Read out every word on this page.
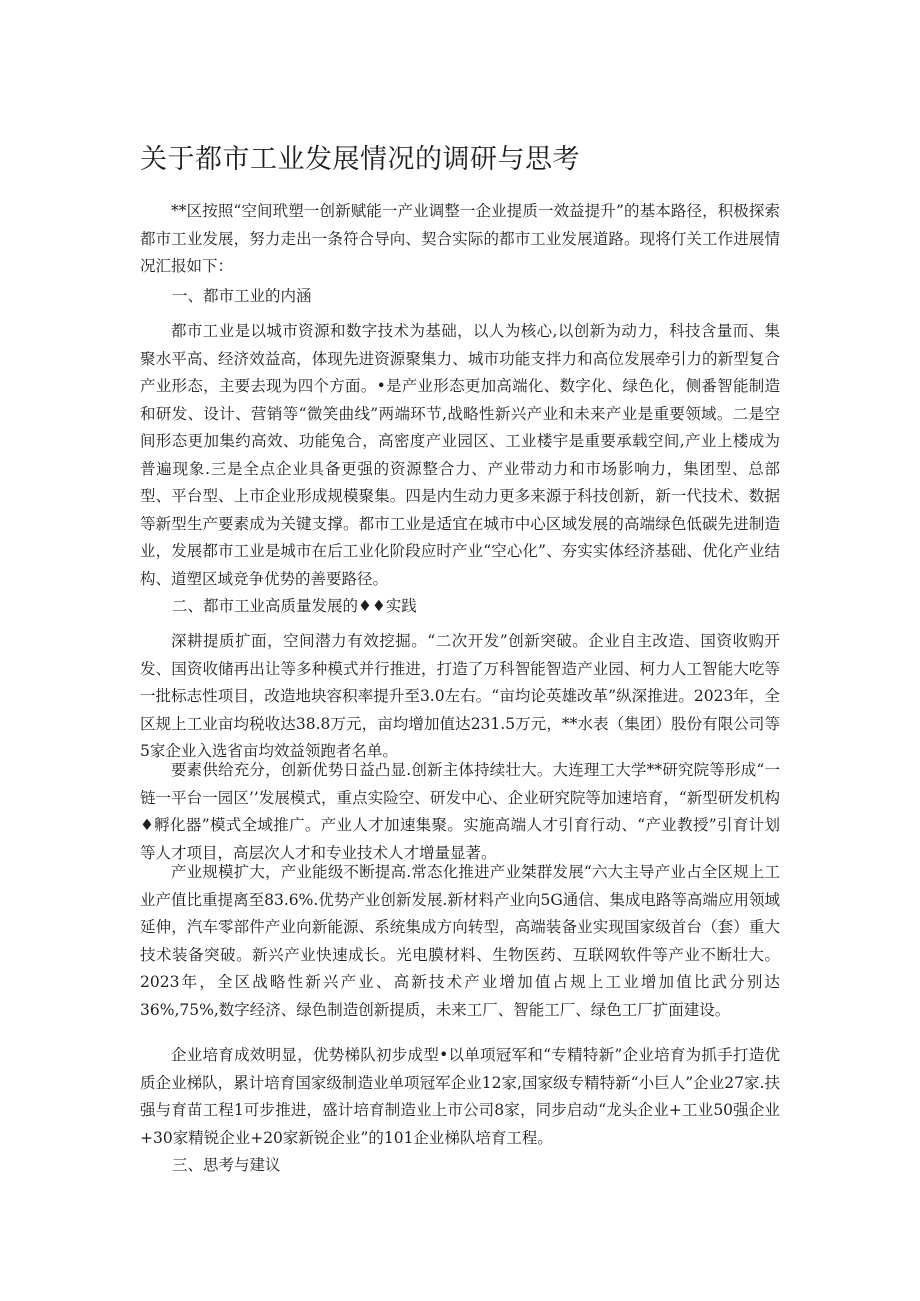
关于都市工业发展情况的调研与思考

**区按照“空间玳塑一创新赋能一产业调整一企业提质一效益提升”的基本路径，积极探索都市工业发展，努力走出一条符合导向、契合实际的都市工业发展道路。现将仃关工作进展情况汇报如下：

一、都市工业的内涵

都市工业是以城市资源和数字技术为基础，以人为核心,以创新为动力，科技含量而、集聚水平高、经济效益高，体现先进资源聚集力、城市功能支拌力和高位发展牵引力的新型复合产业形态，主要去现为四个方面。•是产业形态更加高端化、数字化、绿色化，侧番智能制造和研发、设计、营销等“微笑曲线”两端环节,战略性新兴产业和未来产业是重要领域。二是空间形态更加集约高效、功能兔合，高密度产业园区、工业楼宇是重要承载空间,产业上楼成为普遍现象.三是全点企业具备更强的资源整合力、产业带动力和市场影响力，集团型、总部型、平台型、上市企业形成规模聚集。四是内生动力更多来源于科技创新，新一代技术、数据等新型生产要素成为关键支撑。都市工业是适宜在城市中心区域发展的高端绿色低碳先进制造业，发展都市工业是城市在后工业化阶段应时产业“空心化”、夯实实体经济基础、优化产业结构、道塑区域竞争优势的善要路径。

二、都市工业高质量发展的♦♦实践

深耕提质扩面，空间潜力有效挖掘。“二次开发”创新突破。企业自主改造、国资收购开发、国资收储再出让等多种模式并行推进，打造了万科智能智造产业园、柯力人工智能大吃等一批标志性项目，改造地块容积率提升至3.0左右。“亩均论英雄改革”纵深推进。2023年，全区规上工业亩均税收达38.8万元，亩均增加值达231.5万元，**水表（集团）股份有限公司等5家企业入选省亩均效益领跑者名单。

要素供给充分，创新优势日益凸显.创新主体持续壮大。大连理工大学**研究院等形成“一链一平台一园区’’发展模式，重点实险空、研发中心、企业研究院等加速培育，“新型研发机构♦孵化器”模式全域推广。产业人才加速集聚。实施高端人才引育行动、“产业教授”引育计划等人才项目，高层次人才和专业技术人才增量显著。

产业规模扩大，产业能级不断提高.常态化推进产业桀群发展“六大主导产业占全区规上工业产值比重提离至83.6%.优势产业创新发展.新材料产业向5G通信、集成电路等高端应用领域延伸，汽车零部件产业向新能源、系统集成方向转型，高端装备业实现国家级首台（套）重大技术装备突破。新兴产业快速成长。光电膜材料、生物医药、互联网软件等产业不断壮大。2023年，全区战略性新兴产业、高新技术产业增加值占规上工业增加值比武分别达36%,75%,数字经济、绿色制造创新提质，未来工厂、智能工厂、绿色工厂扩面建设。

企业培育成效明显，优势梯队初步成型•以单项冠军和“专精特新”企业培育为抓手打造优质企业梯队，累计培育国家级制造业单项冠军企业12家,国家级专精特新“小巨人”企业27家.扶强与育苗工程1可步推进，盛计培育制造业上市公司8家，同步启动“龙头企业+工业50强企业+30家精锐企业+20家新锐企业”的101企业梯队培育工程。

三、思考与建议
